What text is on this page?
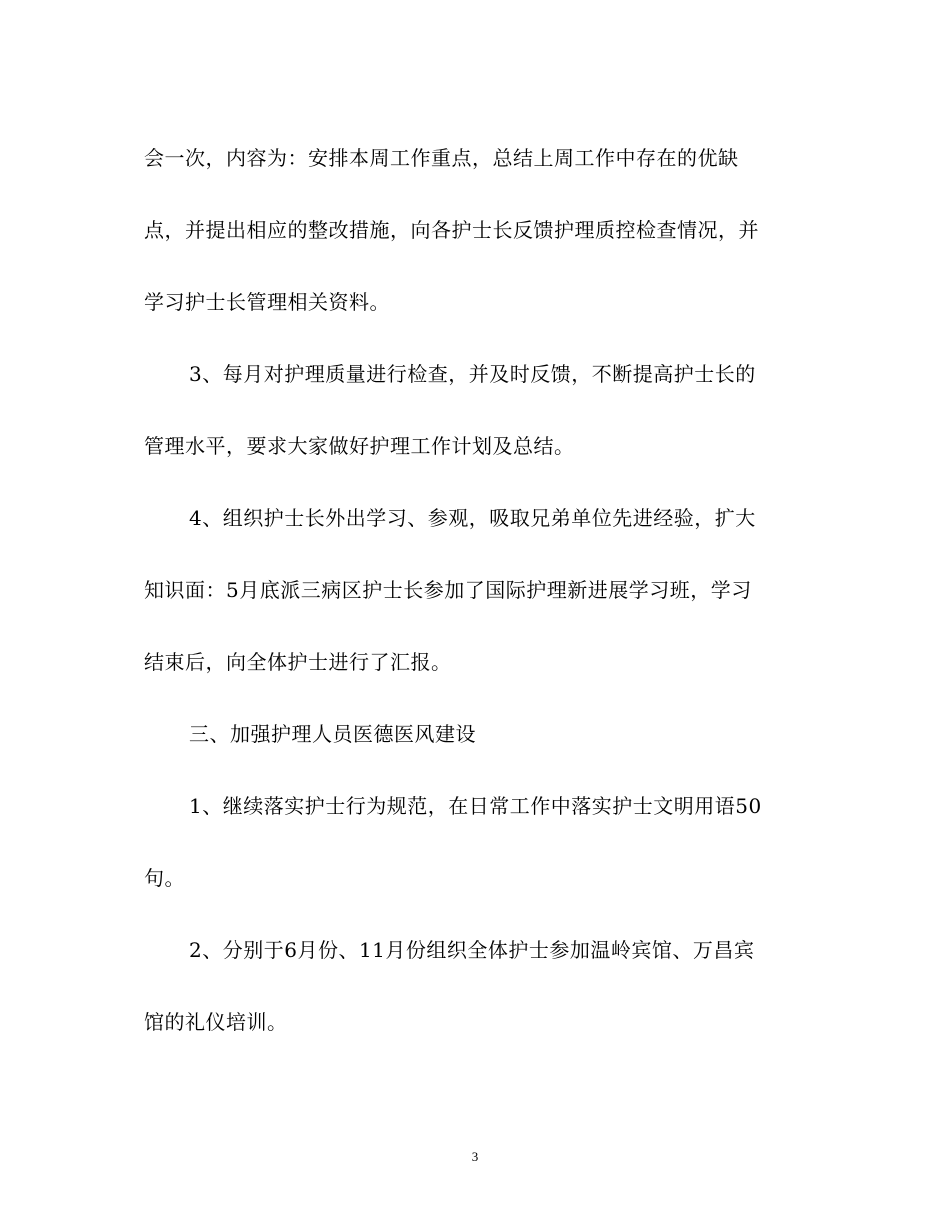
会一次，内容为：安排本周工作重点，总结上周工作中存在的优缺
点，并提出相应的整改措施，向各护士长反馈护理质控检查情况，并
学习护士长管理相关资料。
3、每月对护理质量进行检查，并及时反馈，不断提高护士长的
管理水平，要求大家做好护理工作计划及总结。
4、组织护士长外出学习、参观，吸取兄弟单位先进经验，扩大
知识面：5月底派三病区护士长参加了国际护理新进展学习班，学习
结束后，向全体护士进行了汇报。
三、加强护理人员医德医风建设
1、继续落实护士行为规范，在日常工作中落实护士文明用语50
句。
2、分别于6月份、11月份组织全体护士参加温岭宾馆、万昌宾
馆的礼仪培训。
3
